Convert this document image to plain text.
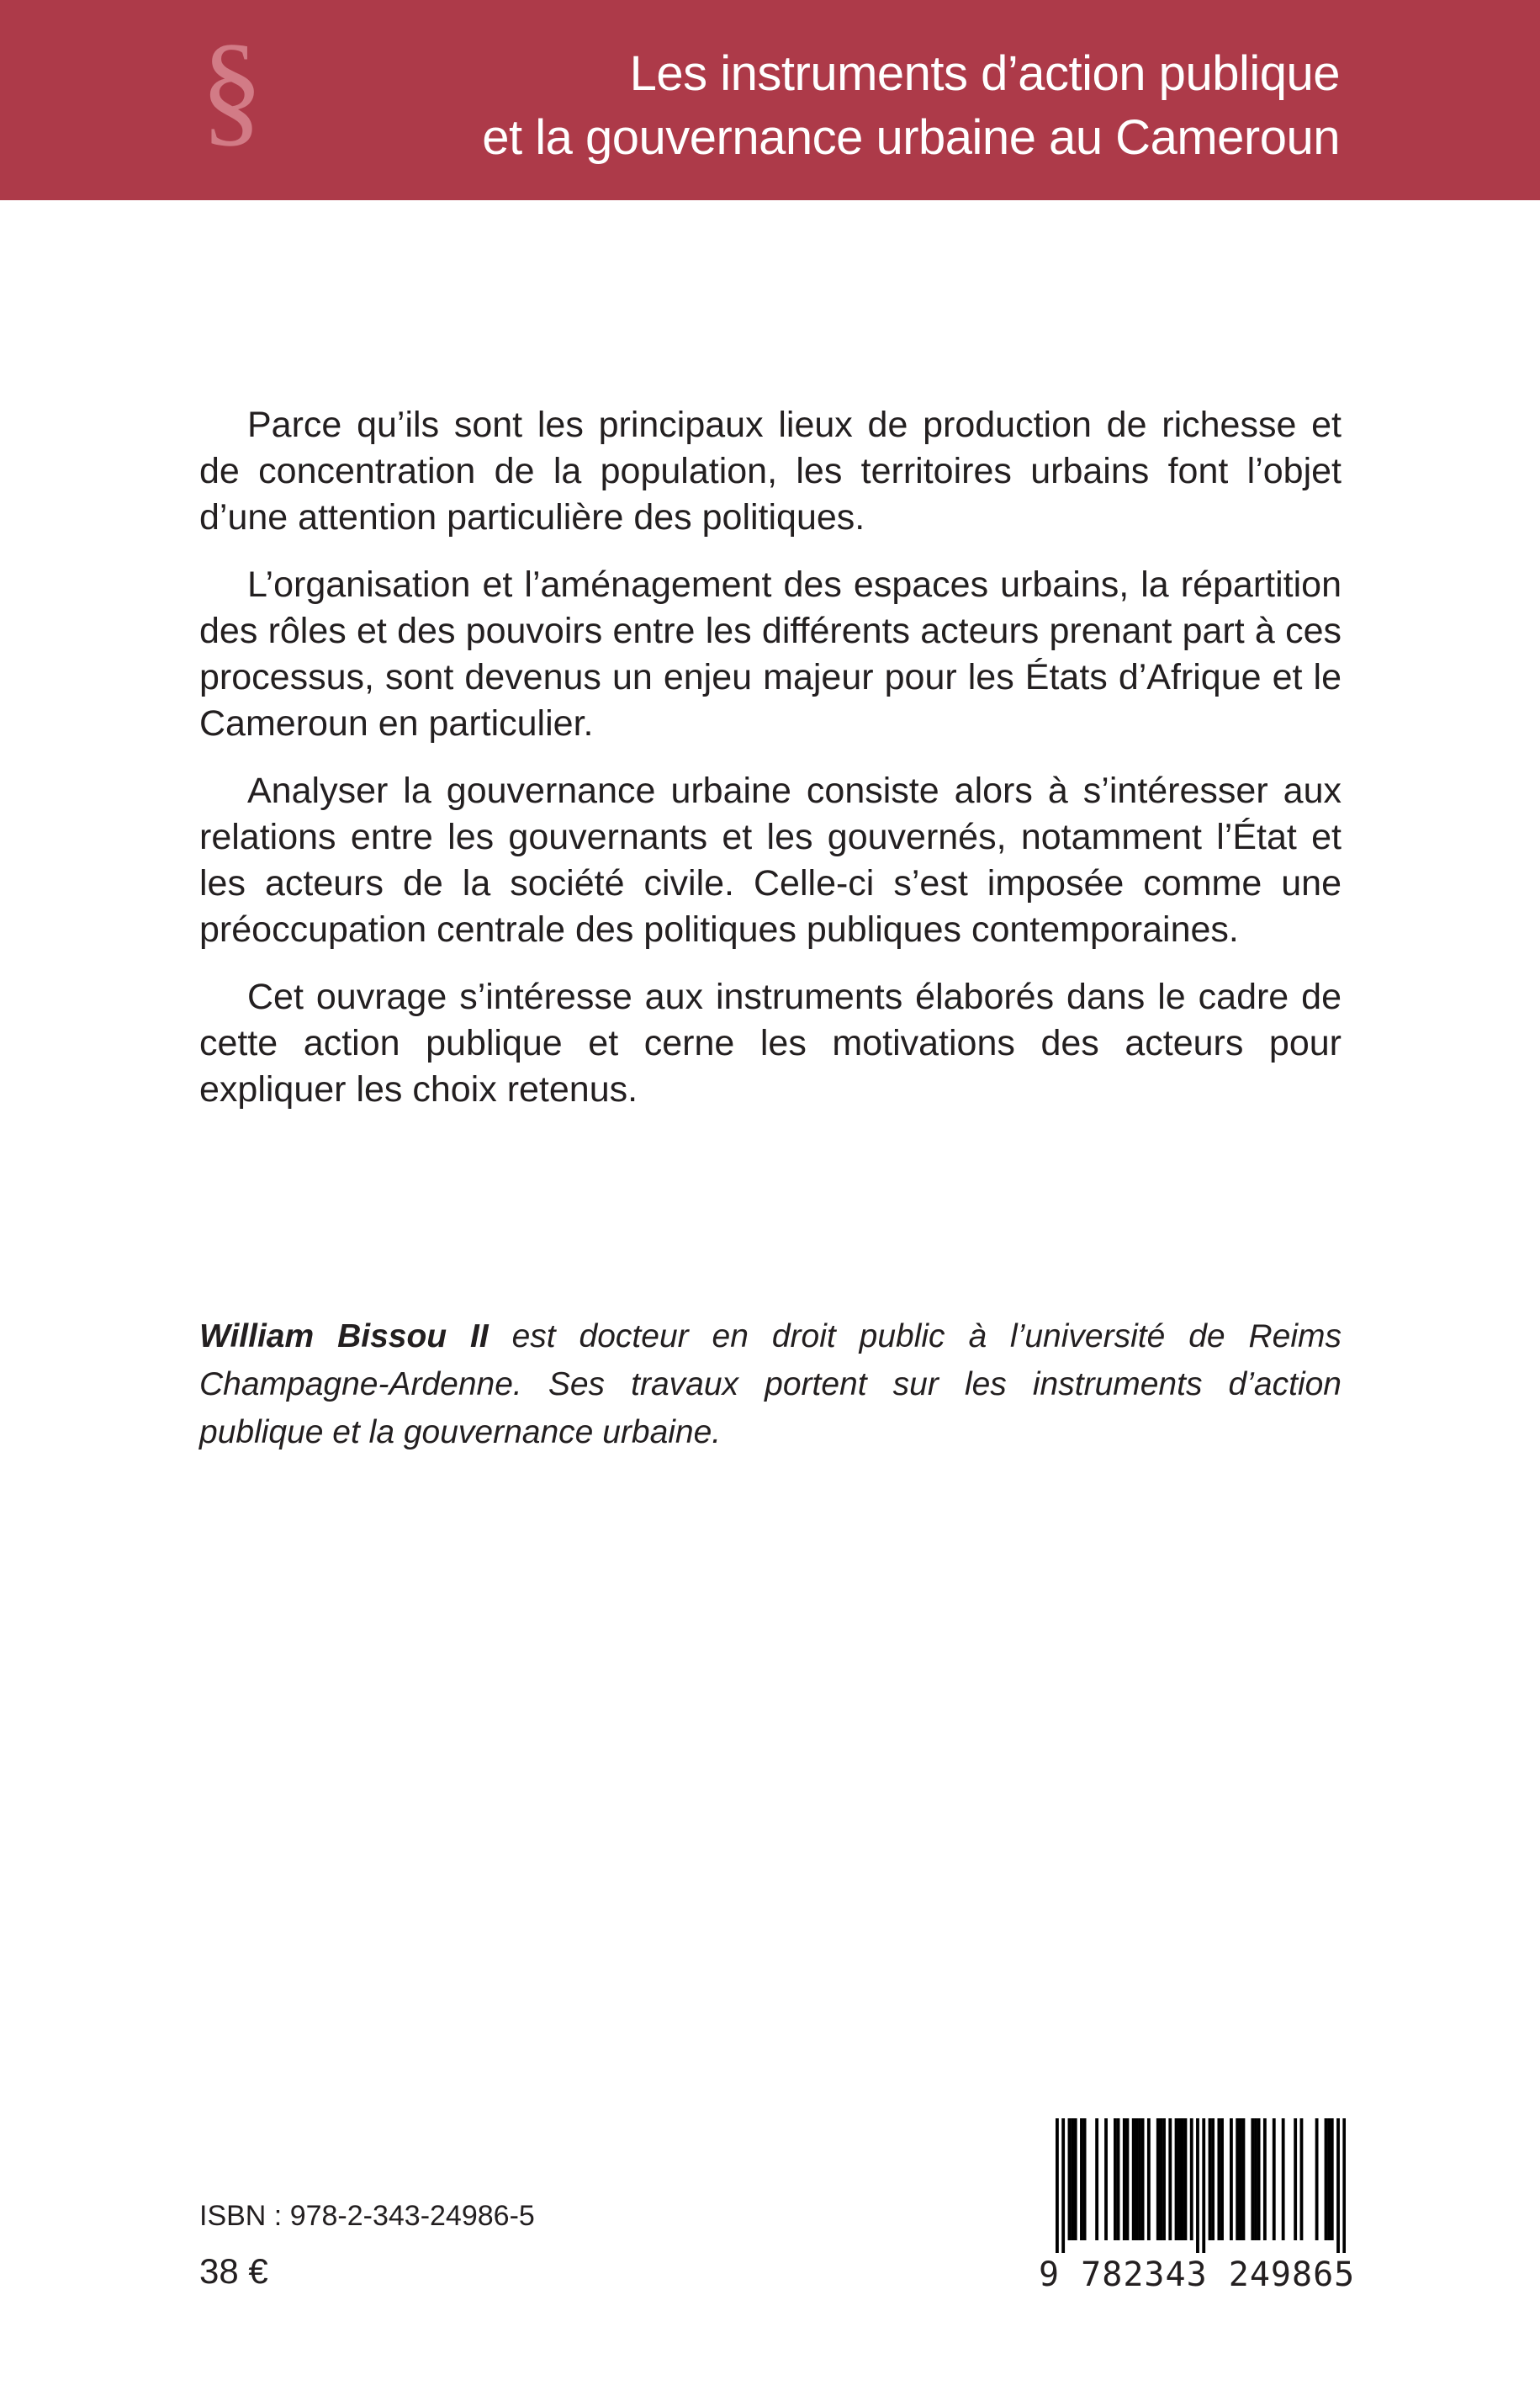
§	Les instruments d’action publique
et la gouvernance urbaine au Cameroun

Parce qu’ils sont les principaux lieux de production de richesse et de concentration de la population, les territoires urbains font l’objet d’une attention particulière des politiques.

L’organisation et l’aménagement des espaces urbains, la répartition des rôles et des pouvoirs entre les différents acteurs prenant part à ces processus, sont devenus un enjeu majeur pour les États d’Afrique et le Cameroun en particulier.

Analyser la gouvernance urbaine consiste alors à s’intéresser aux relations entre les gouvernants et les gouvernés, notamment l’État et les acteurs de la société civile. Celle-ci s’est imposée comme une préoccupation centrale des politiques publiques contemporaines.

Cet ouvrage s’intéresse aux instruments élaborés dans le cadre de cette action publique et cerne les motivations des acteurs pour expliquer les choix retenus.

William Bissou II est docteur en droit public à l’université de Reims Champagne-Ardenne. Ses travaux portent sur les instruments d’action publique et la gouvernance urbaine.

ISBN : 978-2-343-24986-5
38 €	9 782343 249865
